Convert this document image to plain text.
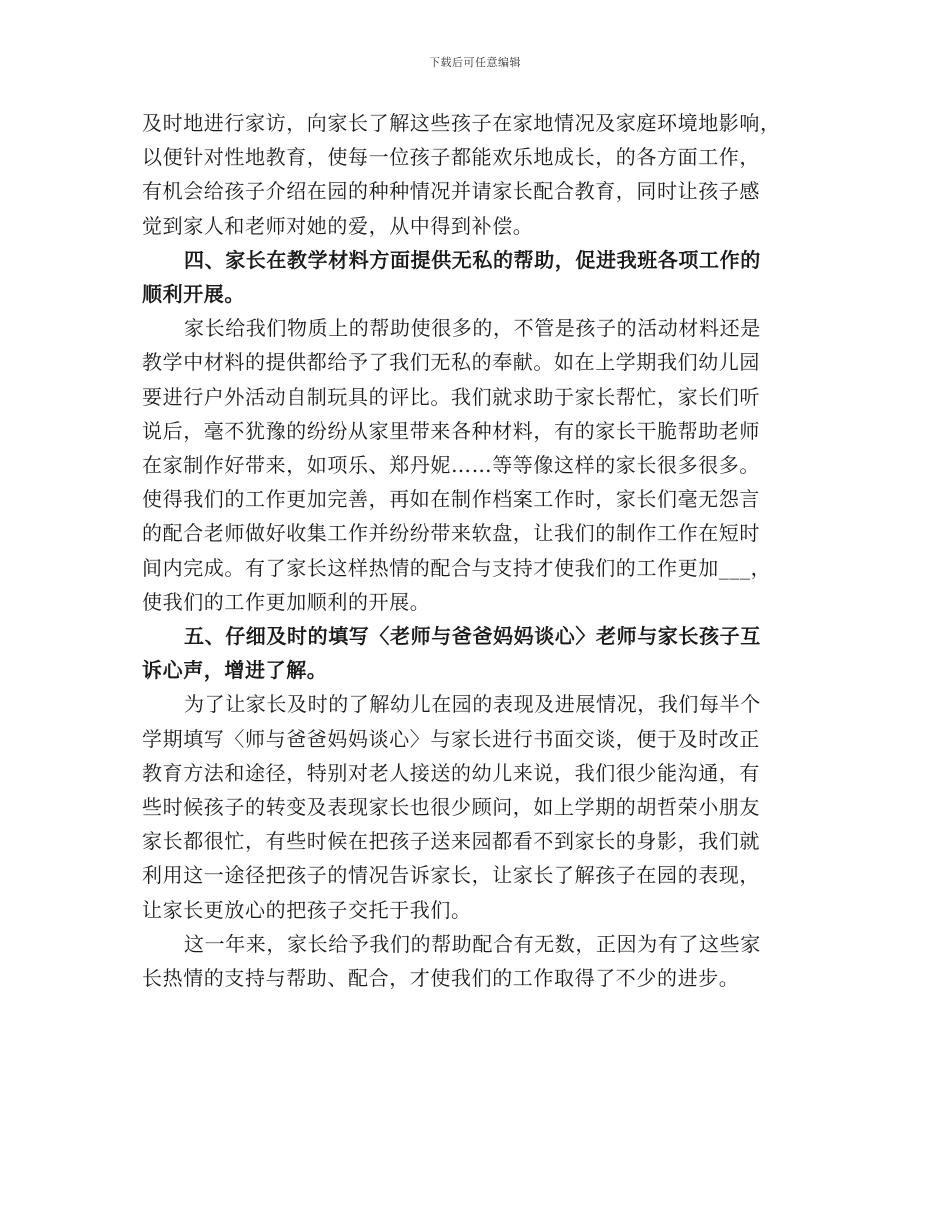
下载后可任意编辑

及时地进行家访，向家长了解这些孩子在家地情况及家庭环境地影响，
以便针对性地教育，使每一位孩子都能欢乐地成长，的各方面工作，
有机会给孩子介绍在园的种种情况并请家长配合教育，同时让孩子感
觉到家人和老师对她的爱，从中得到补偿。

四、家长在教学材料方面提供无私的帮助，促进我班各项工作的
顺利开展。

家长给我们物质上的帮助使很多的，不管是孩子的活动材料还是
教学中材料的提供都给予了我们无私的奉献。如在上学期我们幼儿园
要进行户外活动自制玩具的评比。我们就求助于家长帮忙，家长们听
说后，毫不犹豫的纷纷从家里带来各种材料，有的家长干脆帮助老师
在家制作好带来，如项乐、郑丹妮……等等像这样的家长很多很多。
使得我们的工作更加完善，再如在制作档案工作时，家长们毫无怨言
的配合老师做好收集工作并纷纷带来软盘，让我们的制作工作在短时
间内完成。有了家长这样热情的配合与支持才使我们的工作更加___，
使我们的工作更加顺利的开展。

五、仔细及时的填写〈老师与爸爸妈妈谈心〉老师与家长孩子互
诉心声，增进了解。

为了让家长及时的了解幼儿在园的表现及进展情况，我们每半个
学期填写〈师与爸爸妈妈谈心〉与家长进行书面交谈，便于及时改正
教育方法和途径，特别对老人接送的幼儿来说，我们很少能沟通，有
些时候孩子的转变及表现家长也很少顾问，如上学期的胡哲荣小朋友
家长都很忙，有些时候在把孩子送来园都看不到家长的身影，我们就
利用这一途径把孩子的情况告诉家长，让家长了解孩子在园的表现，
让家长更放心的把孩子交托于我们。

这一年来，家长给予我们的帮助配合有无数，正因为有了这些家
长热情的支持与帮助、配合，才使我们的工作取得了不少的进步。
